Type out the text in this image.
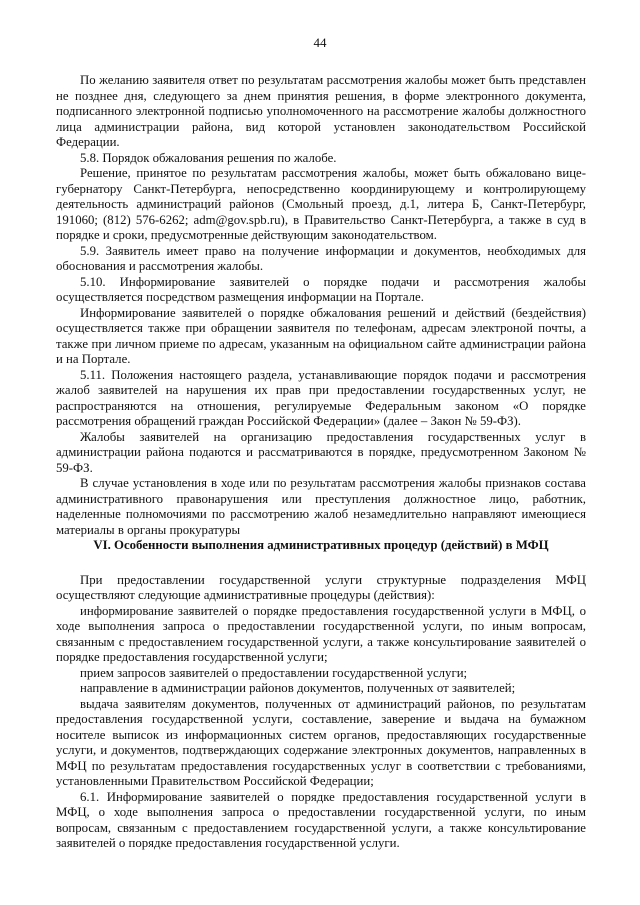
44

По желанию заявителя ответ по результатам рассмотрения жалобы может быть представлен не позднее дня, следующего за днем принятия решения, в форме электронного документа, подписанного электронной подписью уполномоченного на рассмотрение жалобы должностного лица администрации района, вид которой установлен законодательством Российской Федерации.

5.8. Порядок обжалования решения по жалобе.

Решение, принятое по результатам рассмотрения жалобы, может быть обжаловано вице-губернатору Санкт-Петербурга, непосредственно координирующему и контролирующему деятельность администраций районов (Смольный проезд, д.1, литера Б, Санкт-Петербург, 191060; (812) 576-6262; adm@gov.spb.ru), в Правительство Санкт-Петербурга, а также в суд в порядке и сроки, предусмотренные действующим законодательством.

5.9. Заявитель имеет право на получение информации и документов, необходимых для обоснования и рассмотрения жалобы.

5.10. Информирование заявителей о порядке подачи и рассмотрения жалобы осуществляется посредством размещения информации на Портале.

Информирование заявителей о порядке обжалования решений и действий (бездействия) осуществляется также при обращении заявителя по телефонам, адресам электроной почты, а также при личном приеме по адресам, указанным на официальном сайте администрации района и на Портале.

5.11. Положения настоящего раздела, устанавливающие порядок подачи и рассмотрения жалоб заявителей на нарушения их прав при предоставлении государственных услуг, не распространяются на отношения, регулируемые Федеральным законом «О порядке рассмотрения обращений граждан Российской Федерации» (далее – Закон № 59-ФЗ).

Жалобы заявителей на организацию предоставления государственных услуг в администрации района подаются и рассматриваются в порядке, предусмотренном Законом № 59-ФЗ.

В случае установления в ходе или по результатам рассмотрения жалобы признаков состава административного правонарушения или преступления должностное лицо, работник, наделенные полномочиями по рассмотрению жалоб незамедлительно направляют имеющиеся материалы в органы прокуратуры

VI. Особенности выполнения административных процедур (действий) в МФЦ

При предоставлении государственной услуги структурные подразделения МФЦ осуществляют следующие административные процедуры (действия):

информирование заявителей о порядке предоставления государственной услуги в МФЦ, о ходе выполнения запроса о предоставлении государственной услуги, по иным вопросам, связанным с предоставлением государственной услуги, а также консультирование заявителей о порядке предоставления государственной услуги;

прием запросов заявителей о предоставлении государственной услуги;

направление в администрации районов документов, полученных от заявителей;

выдача заявителям документов, полученных от администраций районов, по результатам предоставления государственной услуги, составление, заверение и выдача на бумажном носителе выписок из информационных систем органов, предоставляющих государственные услуги, и документов, подтверждающих содержание электронных документов, направленных в МФЦ по результатам предоставления государственных услуг в соответствии с требованиями, установленными Правительством Российской Федерации;

6.1. Информирование заявителей о порядке предоставления государственной услуги в МФЦ, о ходе выполнения запроса о предоставлении государственной услуги, по иным вопросам, связанным с предоставлением государственной услуги, а также консультирование заявителей о порядке предоставления государственной услуги.
